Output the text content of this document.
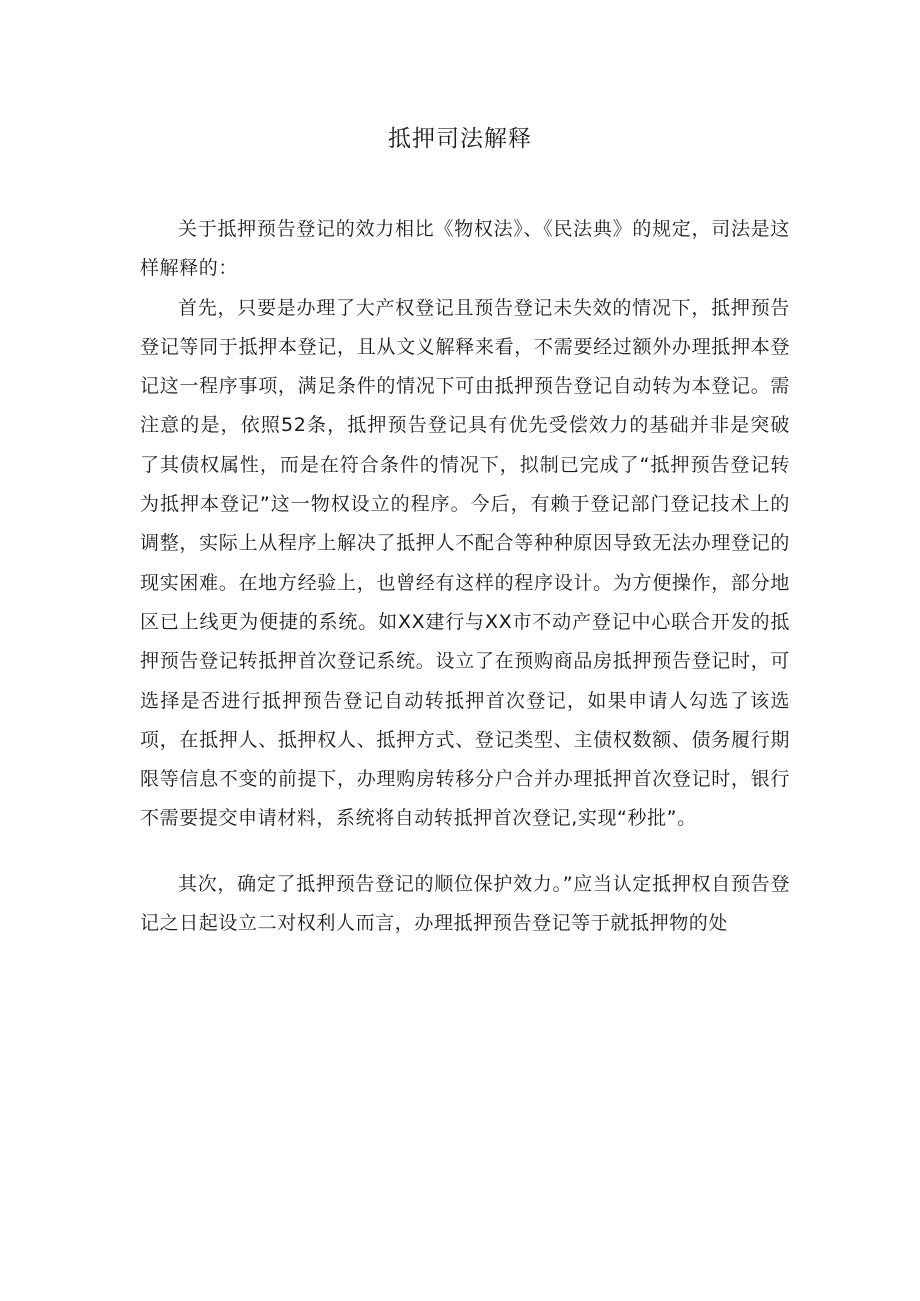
抵押司法解释

关于抵押预告登记的效力相比《物权法》、《民法典》的规定，司法是这样解释的：

首先，只要是办理了大产权登记且预告登记未失效的情况下，抵押预告登记等同于抵押本登记，且从文义解释来看，不需要经过额外办理抵押本登记这一程序事项，满足条件的情况下可由抵押预告登记自动转为本登记。需注意的是，依照52条，抵押预告登记具有优先受偿效力的基础并非是突破了其债权属性，而是在符合条件的情况下，拟制已完成了“抵押预告登记转为抵押本登记”这一物权设立的程序。今后，有赖于登记部门登记技术上的调整，实际上从程序上解决了抵押人不配合等种种原因导致无法办理登记的现实困难。在地方经验上，也曾经有这样的程序设计。为方便操作，部分地区已上线更为便捷的系统。如XX建行与XX市不动产登记中心联合开发的抵押预告登记转抵押首次登记系统。设立了在预购商品房抵押预告登记时，可选择是否进行抵押预告登记自动转抵押首次登记，如果申请人勾选了该选项，在抵押人、抵押权人、抵押方式、登记类型、主债权数额、债务履行期限等信息不变的前提下，办理购房转移分户合并办理抵押首次登记时，银行不需要提交申请材料，系统将自动转抵押首次登记,实现“秒批”。

其次，确定了抵押预告登记的顺位保护效力。”应当认定抵押权自预告登记之日起设立二对权利人而言，办理抵押预告登记等于就抵押物的处
